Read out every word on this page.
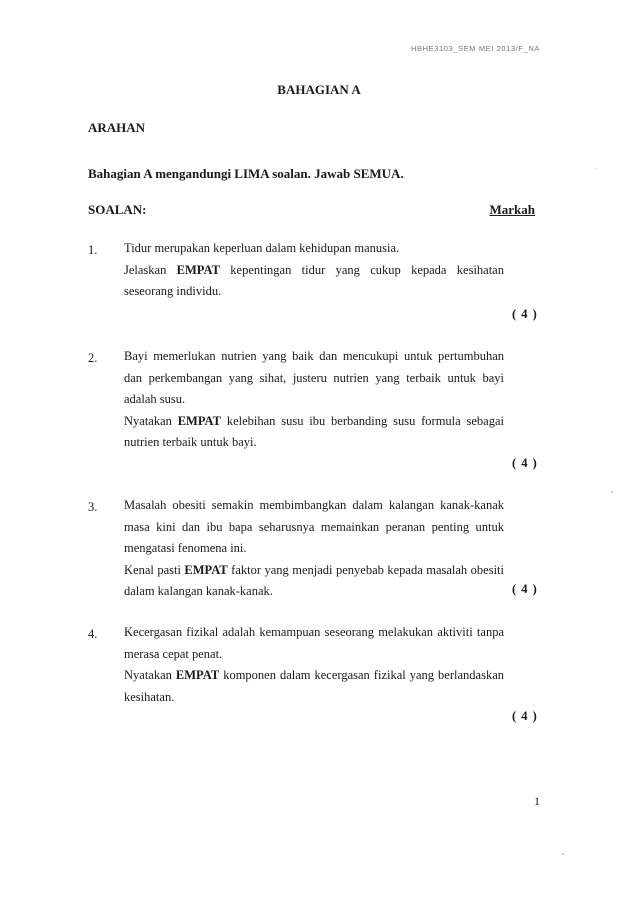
HBHE3103_SEM MEI 2013/F_NA
BAHAGIAN A
ARAHAN
Bahagian A mengandungi LIMA soalan. Jawab SEMUA.
SOALAN:	Markah
1. Tidur merupakan keperluan dalam kehidupan manusia.

Jelaskan EMPAT kepentingan tidur yang cukup kepada kesihatan seseorang individu.

( 4 )
2. Bayi memerlukan nutrien yang baik dan mencukupi untuk pertumbuhan dan perkembangan yang sihat, justeru nutrien yang terbaik untuk bayi adalah susu.

Nyatakan EMPAT kelebihan susu ibu berbanding susu formula sebagai nutrien terbaik untuk bayi.

( 4 )
3. Masalah obesiti semakin membimbangkan dalam kalangan kanak-kanak masa kini dan ibu bapa seharusnya memainkan peranan penting untuk mengatasi fenomena ini.

Kenal pasti EMPAT faktor yang menjadi penyebab kepada masalah obesiti dalam kalangan kanak-kanak.	( 4 )
4. Kecergasan fizikal adalah kemampuan seseorang melakukan aktiviti tanpa merasa cepat penat.

Nyatakan EMPAT komponen dalam kecergasan fizikal yang berlandaskan kesihatan.

( 4 )
1
